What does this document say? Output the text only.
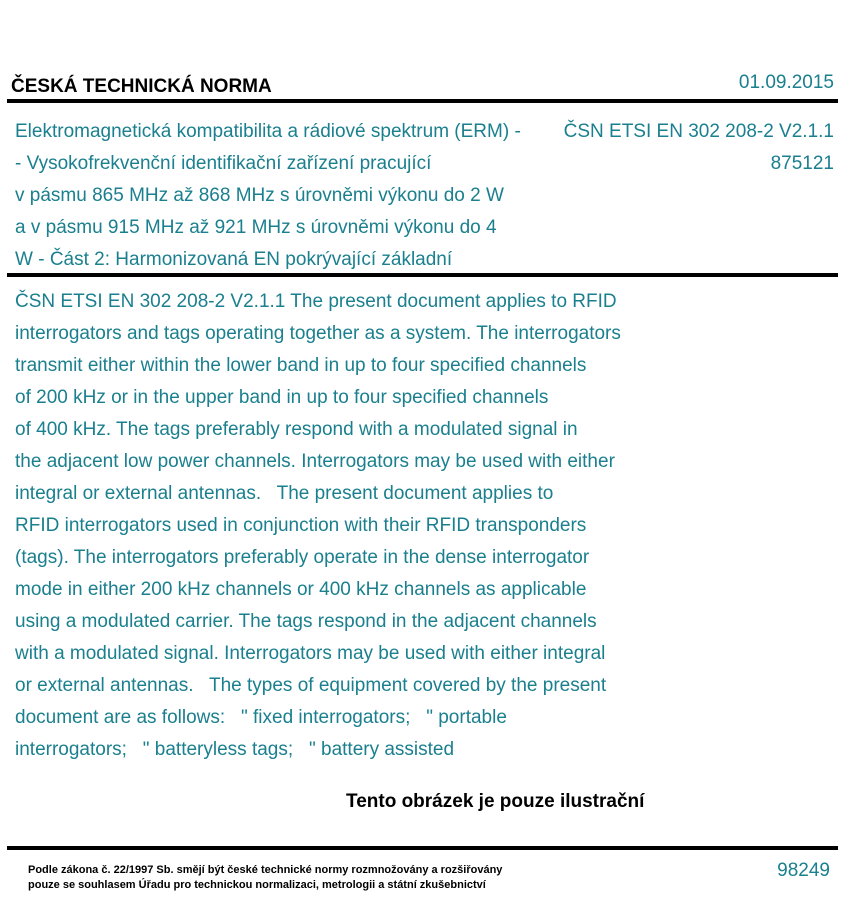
ČESKÁ TECHNICKÁ NORMA	01.09.2015
Elektromagnetická kompatibilita a rádiové spektrum (ERM) -
- Vysokofrekvenční identifikační zařízení pracující
v pásmu 865 MHz až 868 MHz s úrovněmi výkonu do 2 W
a v pásmu 915 MHz až 921 MHz s úrovněmi výkonu do 4
W - Část 2: Harmonizovaná EN pokrývající základní
ČSN ETSI EN 302 208-2 V2.1.1
875121
ČSN ETSI EN 302 208-2 V2.1.1 The present document applies to RFID
interrogators and tags operating together as a system. The interrogators
transmit either within the lower band in up to four specified channels
of 200 kHz or in the upper band in up to four specified channels
of 400 kHz. The tags preferably respond with a modulated signal in
the adjacent low power channels. Interrogators may be used with either
integral or external antennas.   The present document applies to
RFID interrogators used in conjunction with their RFID transponders
(tags). The interrogators preferably operate in the dense interrogator
mode in either 200 kHz channels or 400 kHz channels as applicable
using a modulated carrier. The tags respond in the adjacent channels
with a modulated signal. Interrogators may be used with either integral
or external antennas.   The types of equipment covered by the present
document are as follows:   " fixed interrogators;   " portable
interrogators;   " batteryless tags;   " battery assisted
Tento obrázek je pouze ilustrační
Podle zákona č. 22/1997 Sb. smějí být české technické normy rozmnožovány a rozšiřovány
pouze se souhlasem Úřadu pro technickou normalizaci, metrologii a státní zkušebnictví
98249
